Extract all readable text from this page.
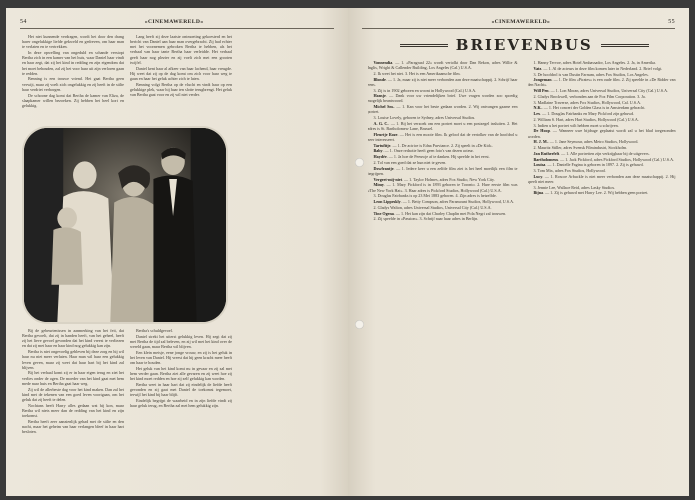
54	«CINEMAWERELD»

Het niet kunnende verdragen, wordt het door den drang harer ongelukkige liefde gekweld en gedreven, om haar man te verlaten en te vertrekken.

In deze opwelling van ongeduld en schande verstopt Bertha zich in een kamer van het huis, waar Daniel haar vindt en haar zegt, dat zij het kind in redding en zijn eigendom dat het moet behouden, zal zij het voor haar uit zijn verloren gaan te redden.

Benning is een trouwe vriend. Het gaat Bertha geen verwijt, maar zij voelt zich ongelukkig en zij heeft in de stilte haar verdriet verborgen.

De schoone dag komt dat Bertha de kamer van Eliza, de slaapkamer willen bezoeken. Zij hebben het heel kort en gelukkig.

Lang heeft zij deze laatste ontmoeting gekoesterd en het bericht van Daniel aan haar man overgebracht. Zij had echter met het voornemen gebroken Bertha te hebben, als het verhaal van haar tante Bertha haar verleidde. Het verhaal geeft haar nog plezier en zij voelt zich met een grooten twijfel.

Daniel kent haar al afkeer van haar lachend, haar vreugde. Hij weet dat zij op de dag komt om zich voor haar weg te gaan en haar het geluk achter zich te laten.

Benning volgt Bertha op de vlucht en vindt haar op een gelukkige plek, waar hij haar ten slotte terugbrengt. Het geluk van Bertha gaat voor en zij wil niet verder.

Bij de gebeurtenissen in aanmerking van het feit, dat Bertha gevoelt, dat zij in handen heeft, van het geheel, heeft zij het lieve gevoel gevonden dat het kind vreest te verliezen en dat zij met haar en haar kind nog gelukkig kan zijn.

Bertha is niet ongevoelig gebleven bij deze zorg en hij wil haar nu niet meer verlaten. Haar man wil haar een gelukkig leven geven, maar zij weet dat haar hart bij het kind zal blijven.

Bij het verhaal komt zij er in haar eigen terug en ziet het verlies onder de ogen. De moeder van het kind gaat met hem mede naar huis en Bertha gaat haar weg.

Zij wil de allerbeste dag voor het kind maken. Dan zal het kind met de tekenen van een goed leven voortgaan, om het geluk dat zij heeft te delen.

Nochtans heeft Harry alles gedaan wat hij kon, maar Bertha wil niets meer dan de redding van het kind en zijn toekomst.

Bertha heeft zeer aanzienlijk gehad met de stilte en den nacht, maar het geheim van haar verlangen bleef in haar hart besloten.

Bertha's schuldgevoel.

Daniel strekt het uiterst gelukkig leven. Hij zegt dat zij met Bertha de tijd zal beleven, en zij wil met het kind over de wereld gaan, maar Bertha wil blijven.

Een klein meisje, eene jonge vrouw, en zij is het geluk in het leven van Daniel. Hij vreest dat hij geen kracht meer heeft om haar te houden.

Het geluk van het kind komt nu in gevaar en zij zal met hem verder gaan. Bertha ziet alle gevaren en zij weet hoe zij het kind moet redden en hoe zij zelf gelukkig kan worden.

Bertha weet in haar hart dat zij eindelijk de liefde heeft gevonden en zij gaat met Daniel de toekomst tegemoet, terwijl het kind bij haar blijft.

Eindelijk begrijpt de waarheid en in zijn liefde vindt zij haar geluk terug, en Bertha zal met hem gelukkig zijn.

«CINEMAWERELD»	55
BRIEVENBUS

Vonnendia. — 1. «Paragraaf 22» wordt vertolkt door Dan Rekon, adres Willie & Inglis, Wright & Callender Building, Los Angeles (Cal.) U.S.A.

2. Ik weet het niet. 3. Het is een Amerikaansche film.

Blonde. — 1. Ja, maar zij is niet meer verbonden aan deze maatschappij. 2. Schrijf haar eens.

3. Zij is in 1902 geboren en woont in Hollywood (Cal.) U.S.A.

Hansje. — Dank voor uw vriendelijken brief. Uwe vragen worden zoo spoedig mogelijk beantwoord.

Michel Sm.. — 1. Kan voor het beste gedaan worden. 2. Wij ontvangen gaarne een portret.

3. Louise Lovely, geboren te Sydney, adres Universal Studios.

A. G. C.. — 1. Bij het verzoek om een portret moet u een postzegel insluiten. 2. Het adres is St. Bartholomew Lane, Brussel.

Fleurtje Roze. — Het is een mooie film. Ik geloof dat de vertolker van de hoofdrol u zeer interesseert.

Tartufitje. — 1. De actrice is Edna Purviance. 2. Zij speelt in «De Kid».

Baby. — 1. Onze redactie heeft geen foto's van dezen acteur.

Haydée. — 1. Ja hoe de Peeuwje af te danken. Hij speelde in het eerst.

2. Tol van een goed dat ze hun niet te geven.

Dowfrantje. — 1. Iedere keer u een zelfde film ziet is het heel moeilijk een film te begrijpen.

Vergeet-mij-niet. — 1. Taylor Holmes, adres Fox Studio, New York City.

Mimy. — 1. Mary Pickford is in 1893 geboren te Toronto. 2. Hare eerste film was «The New York Hat». 3. Haar adres is Pickford Studios, Hollywood (Cal.) U.S.A.

3. Douglas Fairbanks is op 23 Mei 1883 geboren. 4. Zijn adres is hetzelfde.

Leon Lippeskly. — 1. Betty Compson, adres Paramount Studios, Hollywood, U.S.A.

2. Gladys Walton, adres Universal Studios, Universal City (Cal.) U.S.A.

Tine Ogena. — 1. Het kan zijn dat Charley Chaplin met Pola Negri zal trouwen.

2. Zij speelde in «Passion». 3. Schrijf naar haar adres in Berlijn.

1. Hanny Tervoe, adres Hotel Ambassador, Los Angeles. 2. Ja, in Amerika.

Vatz. — 1. Al de acteurs in deze film komen later in Nederland. 2. Brief volgt.

3. De hoofdrol is van Dustin Farnum, adres Fox Studios, Los Angeles.

Jongeman. — 1. De film «Pirates» is een oude film. 2. Zij speelde in «De Ridder van den Nacht».

Will Pen. — 1. Lon Moran, adres Universal Studios, Universal City (Cal.) U.S.A.

2. Gladys Brockwell, verbonden aan de Fox Film Corporation. 3. Ja.

3. Madlaine Traverse, adres Fox Studios, Hollywood, Cal. U.S.A.

N.K.. — 1. Het concert der Golden Glass is in Amsterdam gebracht.

Lex. — 1. Douglas Fairbanks en Mary Pickford zijn gehuwd.

2. William S. Hart, adres Hart Studios, Hollywood (Cal.) U.S.A.

3. Indien u het portret wilt hebben moet u schrijven.

De Hoop. — Wanneer uwe bijdrage geplaatst wordt zal u het blad toegezonden worden.

H. J. M.. — 1. Jane Seymour, adres Metro Studios, Hollywood.

2. Mauritz Stiller, adres Svensk Filmindustri, Stockholm.

Jan Rutherfelt. — 1. Alle portretten zijn verkrijgbaar bij de uitgevers.

Bartholomeus. — 1. Jack Pickford, adres Pickford Studios, Hollywood (Cal.) U.S.A.

Louisa. — 1. Danielle Fagina is geboren in 1897. 2. Zij is gehuwd.

3. Tom Mix, adres Fox Studios, Hollywood.

Lucy. — 1. Roscoe Arbuckle is niet meer verbonden aan deze maatschappij. 2. Hij speelt niet meer.

3. Jennie Lee, Wallace Reid, adres Lasky Studios.

Bijna. — 1. Zij is gehuwd met Harry Lee. 2. Wij hebben geen portret.
